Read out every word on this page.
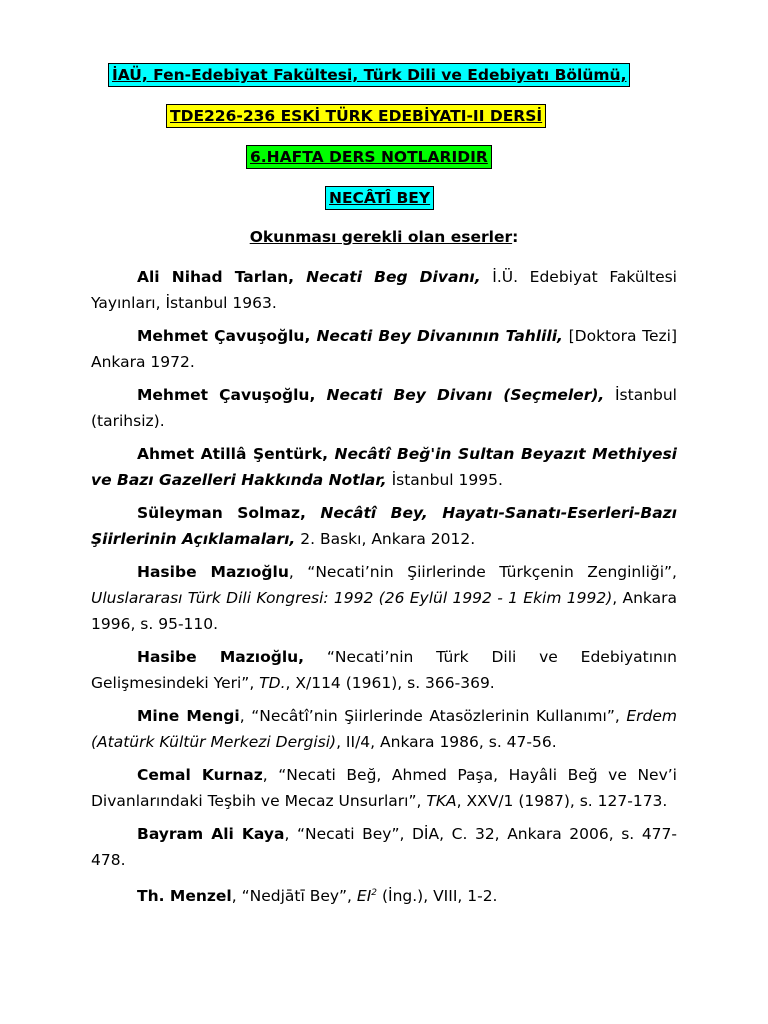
İAÜ, Fen-Edebiyat Fakültesi, Türk Dili ve Edebiyatı Bölümü,
TDE226-236 ESKİ TÜRK EDEBİYATI-II DERSİ
6.HAFTA DERS NOTLARIDIR
NECÂTÎ BEY
Okunması gerekli olan eserler:

Ali Nihad Tarlan, Necati Beg Divanı, İ.Ü. Edebiyat Fakültesi Yayınları, İstanbul 1963.

Mehmet Çavuşoğlu, Necati Bey Divanının Tahlili, [Doktora Tezi] Ankara 1972.

Mehmet Çavuşoğlu, Necati Bey Divanı (Seçmeler), İstanbul (tarihsiz).

Ahmet Atillâ Şentürk, Necâtî Beğ'in Sultan Beyazıt Methiyesi ve Bazı Gazelleri Hakkında Notlar, İstanbul 1995.

Süleyman Solmaz, Necâtî Bey, Hayatı-Sanatı-Eserleri-Bazı Şiirlerinin Açıklamaları, 2. Baskı, Ankara 2012.

Hasibe Mazıoğlu, “Necati’nin Şiirlerinde Türkçenin Zenginliği”, Uluslararası Türk Dili Kongresi: 1992 (26 Eylül 1992 - 1 Ekim 1992), Ankara 1996, s. 95-110.

Hasibe Mazıoğlu, “Necati’nin Türk Dili ve Edebiyatının Gelişmesindeki Yeri”, TD., X/114 (1961), s. 366-369.

Mine Mengi, “Necâtî’nin Şiirlerinde Atasözlerinin Kullanımı”, Erdem (Atatürk Kültür Merkezi Dergisi), II/4, Ankara 1986, s. 47-56.

Cemal Kurnaz, “Necati Beğ, Ahmed Paşa, Hayâli Beğ ve Nev’i Divanlarındaki Teşbih ve Mecaz Unsurları”, TKA, XXV/1 (1987), s. 127-173.

Bayram Ali Kaya, “Necati Bey”, DİA, C. 32, Ankara 2006, s. 477-478.

Th. Menzel, “Nedjātī Bey”, $EI^2$ (İng.), VIII, 1-2.
